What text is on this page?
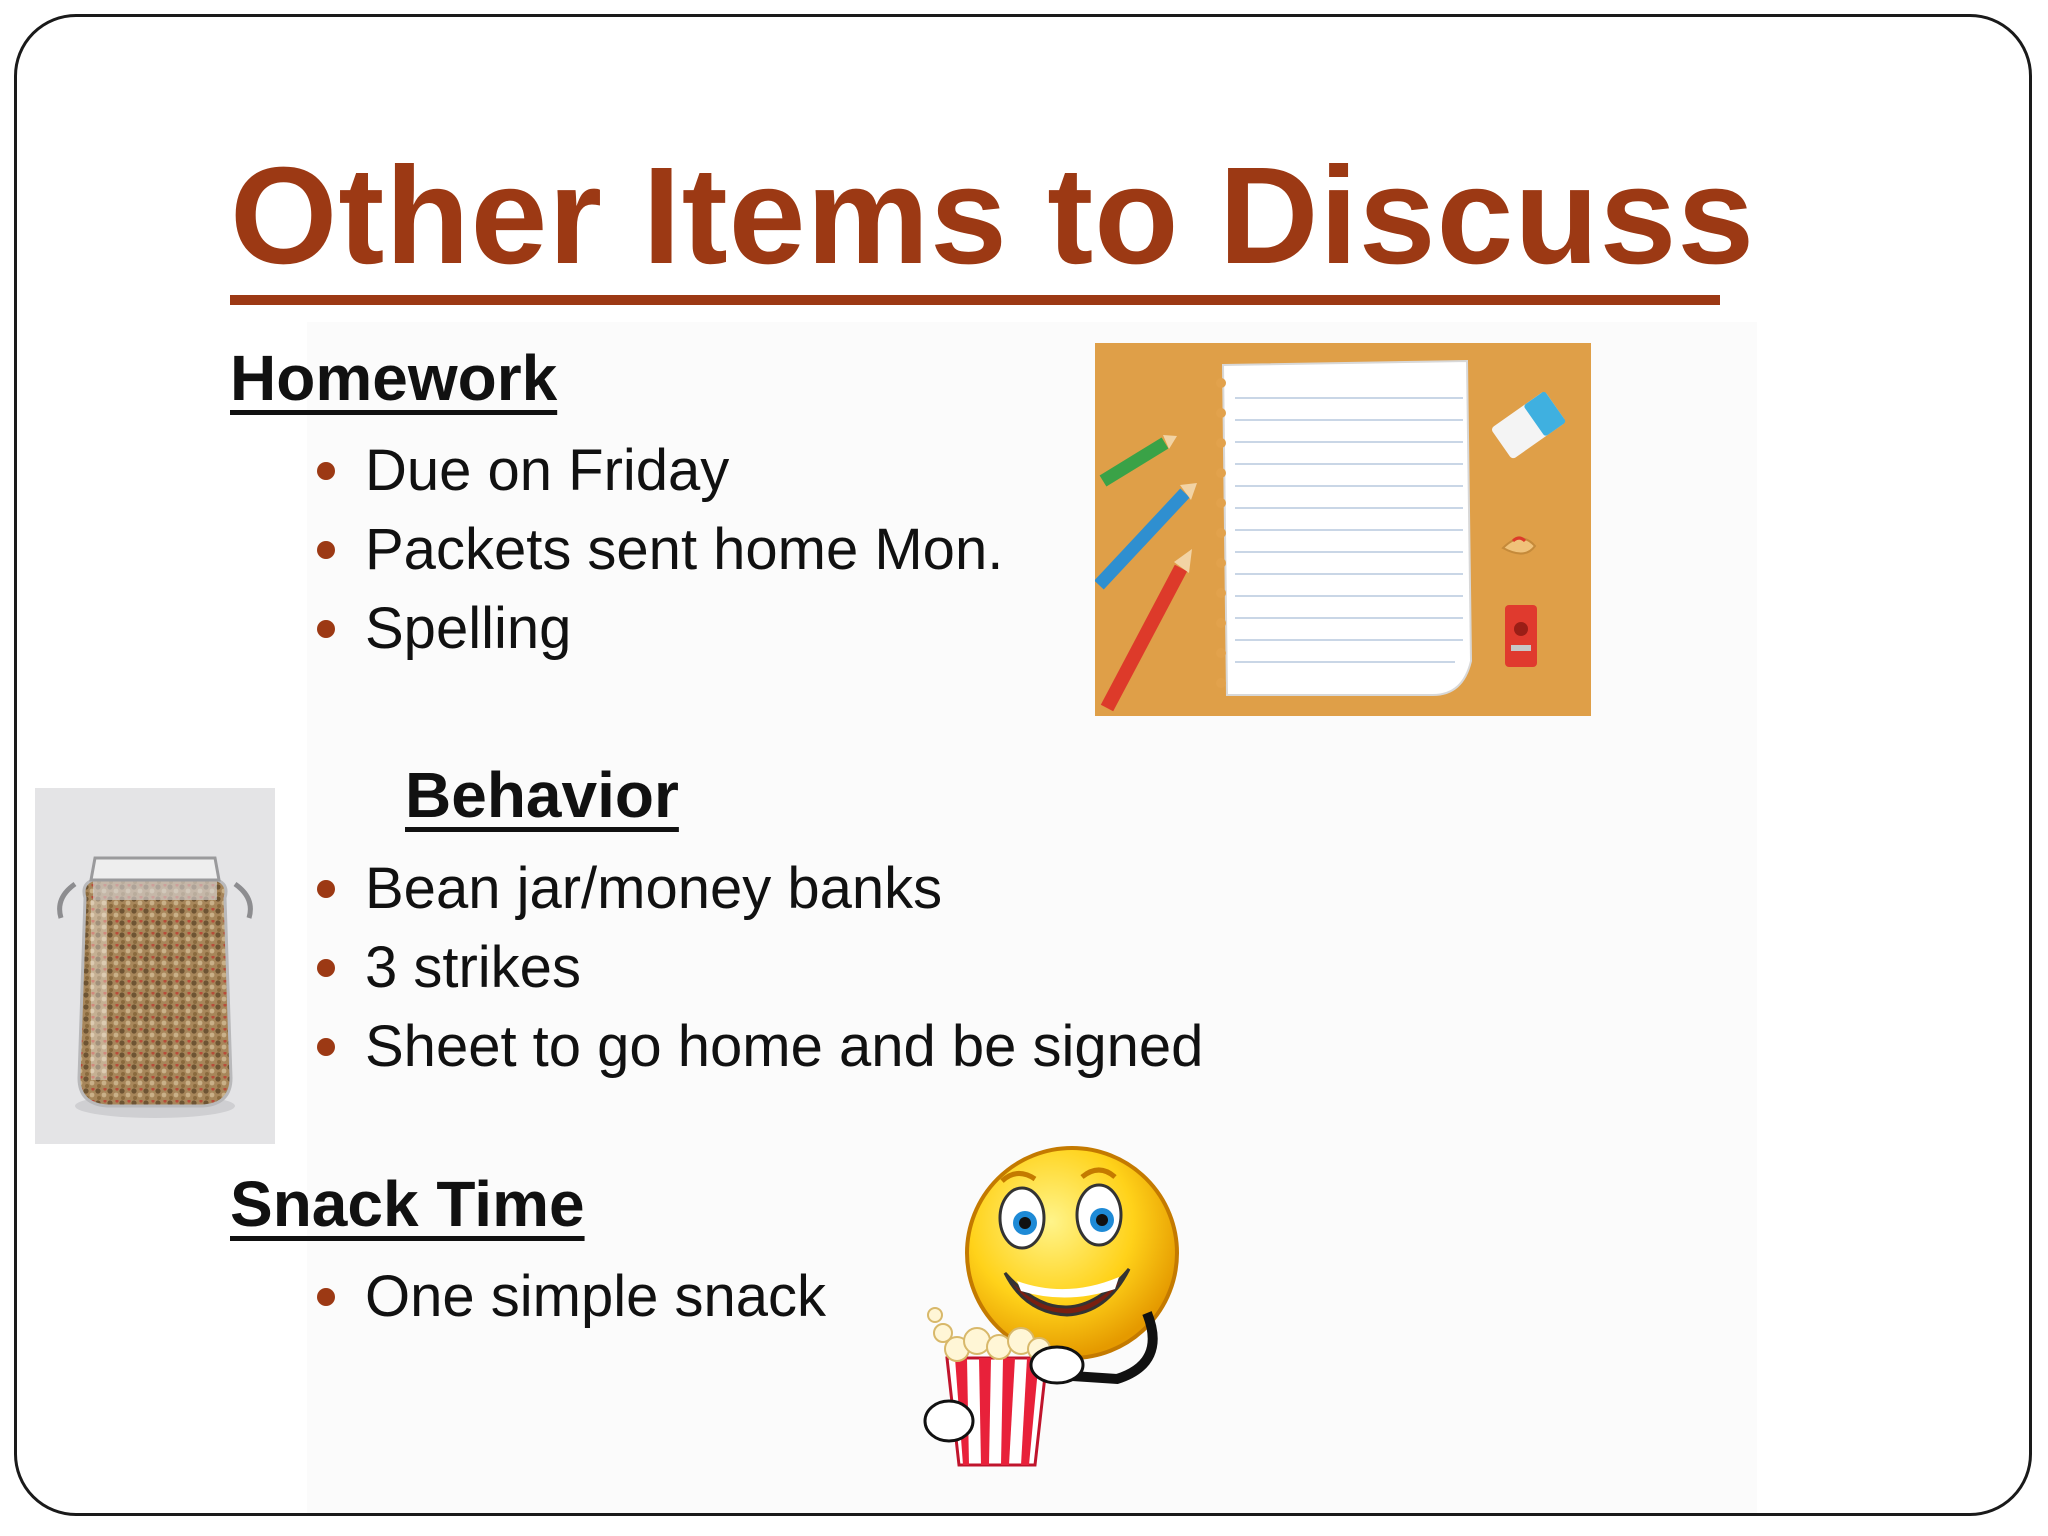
Other Items to Discuss
Homework
Due on Friday
Packets sent home Mon.
Spelling
Behavior
Bean jar/money banks
3 strikes
Sheet to go home and be signed
Snack Time
One simple snack
